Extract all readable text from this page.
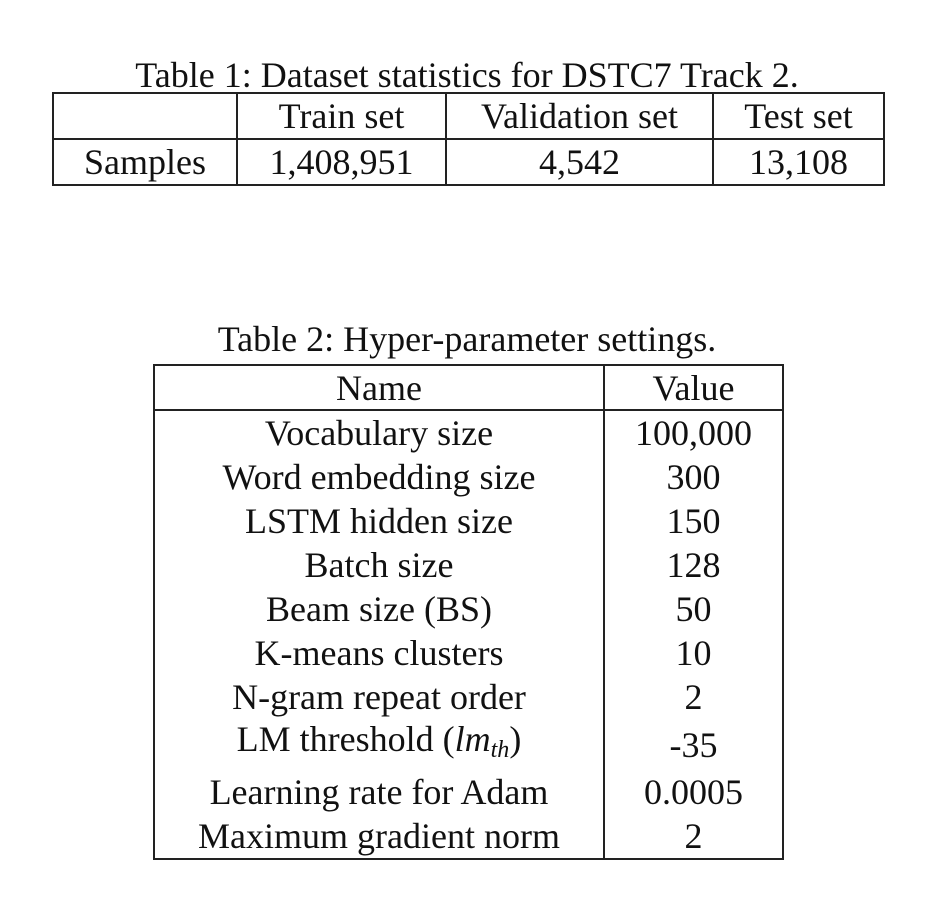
Table 1: Dataset statistics for DSTC7 Track 2.
	Train set	Validation set	Test set
Samples	1,408,951	4,542	13,108
Table 2: Hyper-parameter settings.
Name	Value
Vocabulary size	100,000
Word embedding size	300
LSTM hidden size	150
Batch size	128
Beam size (BS)	50
K-means clusters	10
N-gram repeat order	2
LM threshold $(lm_{th})$	-35
Learning rate for Adam	0.0005
Maximum gradient norm	2
